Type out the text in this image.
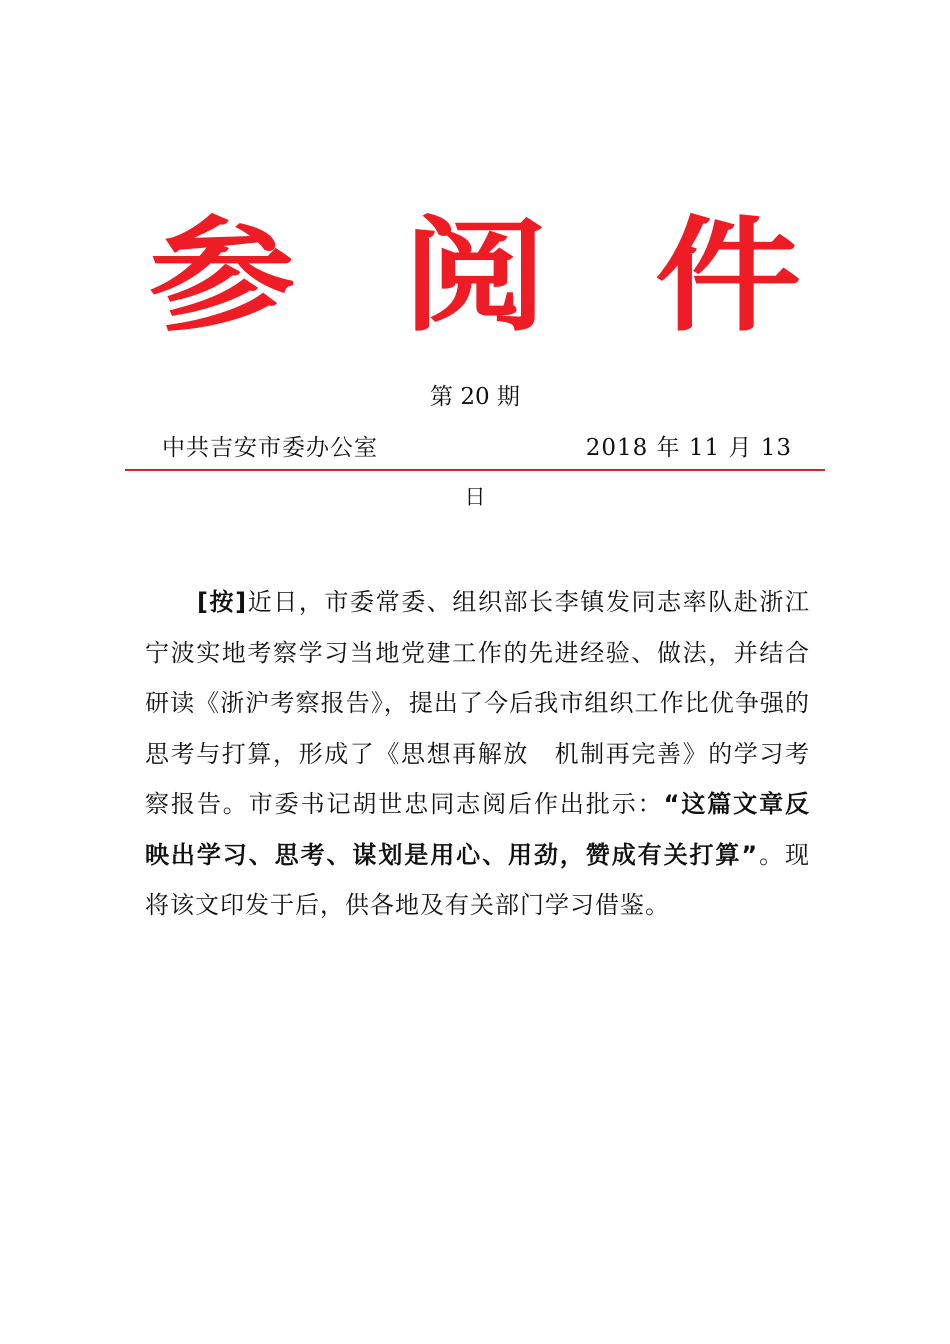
参 阅 件
第 20 期
中共吉安市委办公室	2018 年 11 月 13
日

[按]近日，市委常委、组织部长李镇发同志率队赴浙江宁波实地考察学习当地党建工作的先进经验、做法，并结合研读《浙沪考察报告》，提出了今后我市组织工作比优争强的思考与打算，形成了《思想再解放　机制再完善》的学习考察报告。市委书记胡世忠同志阅后作出批示：“这篇文章反映出学习、思考、谋划是用心、用劲，赞成有关打算”。现将该文印发于后，供各地及有关部门学习借鉴。
